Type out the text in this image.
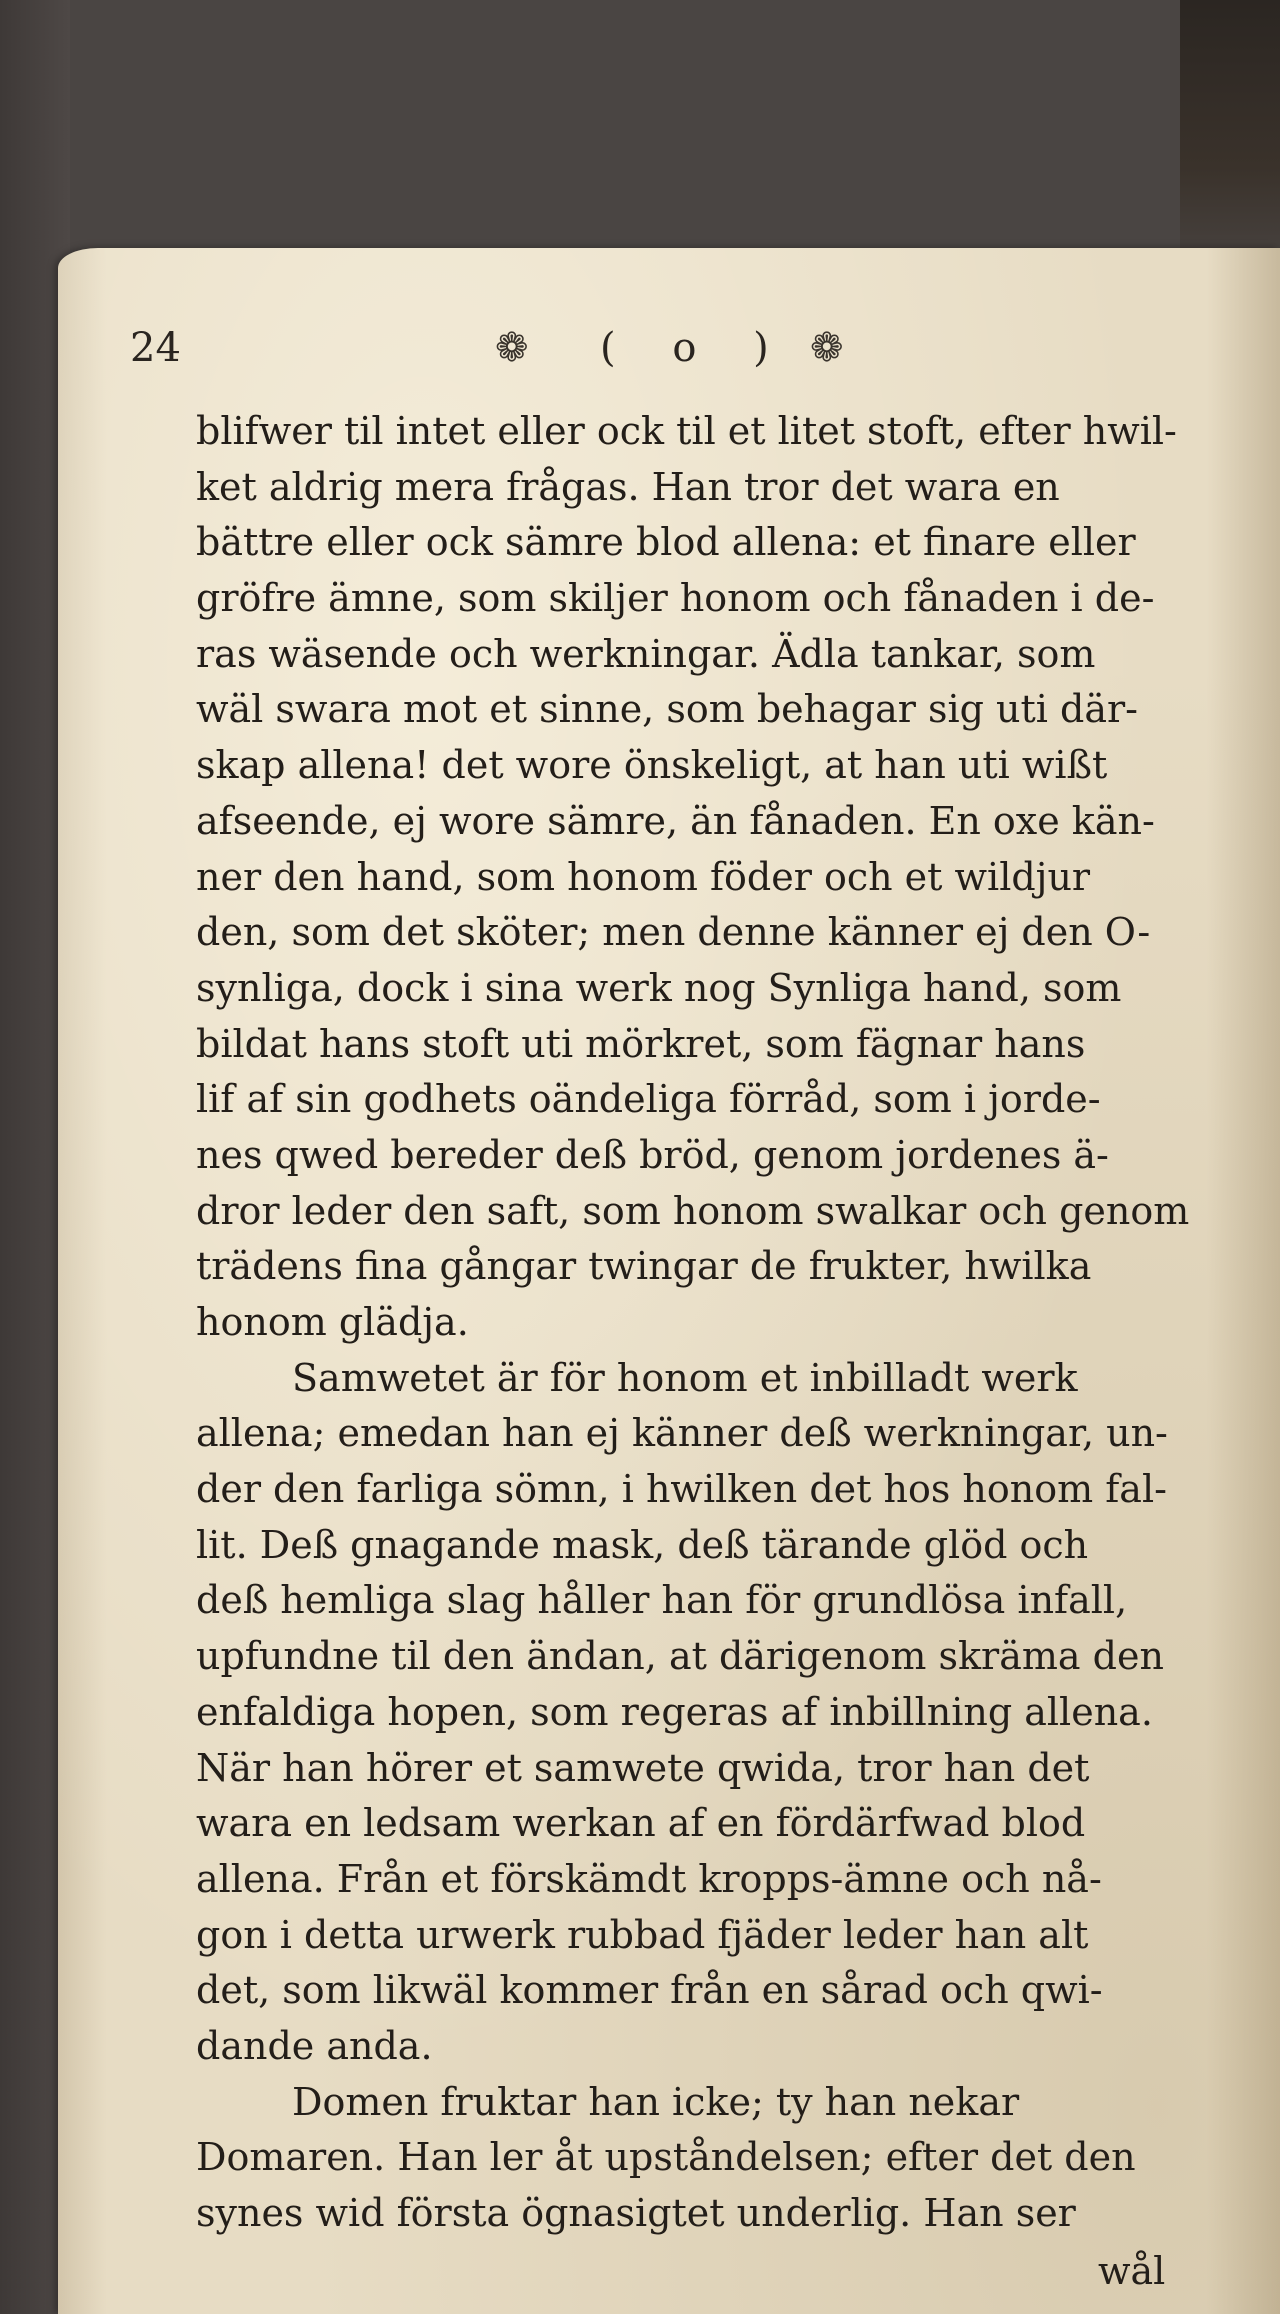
24	❁ ( o ) ❁
blifwer til intet eller ock til et litet stoft, efter hwil-
ket aldrig mera frågas. Han tror det wara en
bättre eller ock sämre blod allena: et finare eller
gröfre ämne, som skiljer honom och fånaden i de-
ras wäsende och werkningar. Ädla tankar, som
wäl swara mot et sinne, som behagar sig uti där-
skap allena! det wore önskeligt, at han uti wißt
afseende, ej wore sämre, än fånaden. En oxe kän-
ner den hand, som honom föder och et wildjur
den, som det sköter; men denne känner ej den O-
synliga, dock i sina werk nog Synliga hand, som
bildat hans stoft uti mörkret, som fägnar hans
lif af sin godhets oändeliga förråd, som i jorde-
nes qwed bereder deß bröd, genom jordenes ä-
dror leder den saft, som honom swalkar och genom
trädens fina gångar twingar de frukter, hwilka
honom glädja.
Samwetet är för honom et inbilladt werk
allena; emedan han ej känner deß werkningar, un-
der den farliga sömn, i hwilken det hos honom fal-
lit. Deß gnagande mask, deß tärande glöd och
deß hemliga slag håller han för grundlösa infall,
upfundne til den ändan, at därigenom skräma den
enfaldiga hopen, som regeras af inbillning allena.
När han hörer et samwete qwida, tror han det
wara en ledsam werkan af en fördärfwad blod
allena. Från et förskämdt kropps-ämne och nå-
gon i detta urwerk rubbad fjäder leder han alt
det, som likwäl kommer från en sårad och qwi-
dande anda.
Domen fruktar han icke; ty han nekar
Domaren. Han ler åt upståndelsen; efter det den
synes wid första ögnasigtet underlig. Han ser
wål
